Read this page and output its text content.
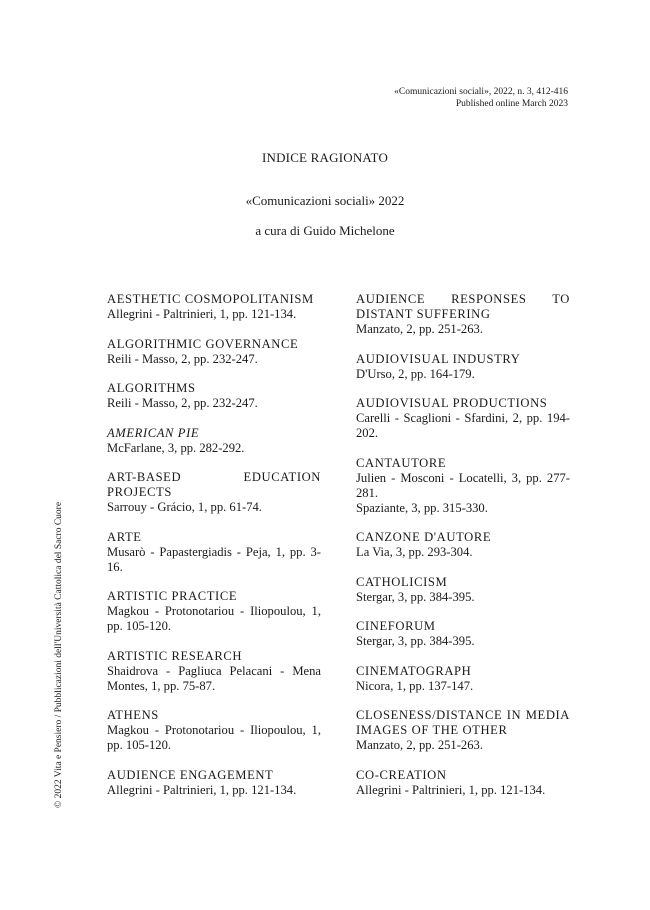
«Comunicazioni sociali», 2022, n. 3, 412-416
Published online March 2023
INDICE RAGIONATO
«Comunicazioni sociali» 2022
a cura di Guido Michelone
© 2022 Vita e Pensiero / Pubblicazioni dell'Università Cattolica del Sacro Cuore
AESTHETIC COSMOPOLITANISM
Allegrini - Paltrinieri, 1, pp. 121-134.
ALGORITHMIC GOVERNANCE
Reili - Masso, 2, pp. 232-247.
ALGORITHMS
Reili - Masso, 2, pp. 232-247.
AMERICAN PIE
McFarlane, 3, pp. 282-292.
ART-BASED EDUCATION PROJECTS
Sarrouy - Grácio, 1, pp. 61-74.
ARTE
Musarò - Papastergiadis - Peja, 1, pp. 3-16.
ARTISTIC PRACTICE
Magkou - Protonotariou - Iliopoulou, 1, pp. 105-120.
ARTISTIC RESEARCH
Shaidrova - Pagliuca Pelacani - Mena Montes, 1, pp. 75-87.
ATHENS
Magkou - Protonotariou - Iliopoulou, 1, pp. 105-120.
AUDIENCE ENGAGEMENT
Allegrini - Paltrinieri, 1, pp. 121-134.
AUDIENCE RESPONSES TO DISTANT SUFFERING
Manzato, 2, pp. 251-263.
AUDIOVISUAL INDUSTRY
D'Urso, 2, pp. 164-179.
AUDIOVISUAL PRODUCTIONS
Carelli - Scaglioni - Sfardini, 2, pp. 194-202.
CANTAUTORE
Julien - Mosconi - Locatelli, 3, pp. 277-281.
Spaziante, 3, pp. 315-330.
CANZONE D'AUTORE
La Via, 3, pp. 293-304.
CATHOLICISM
Stergar, 3, pp. 384-395.
CINEFORUM
Stergar, 3, pp. 384-395.
CINEMATOGRAPH
Nicora, 1, pp. 137-147.
CLOSENESS/DISTANCE IN MEDIA IMAGES OF THE OTHER
Manzato, 2, pp. 251-263.
CO-CREATION
Allegrini - Paltrinieri, 1, pp. 121-134.
